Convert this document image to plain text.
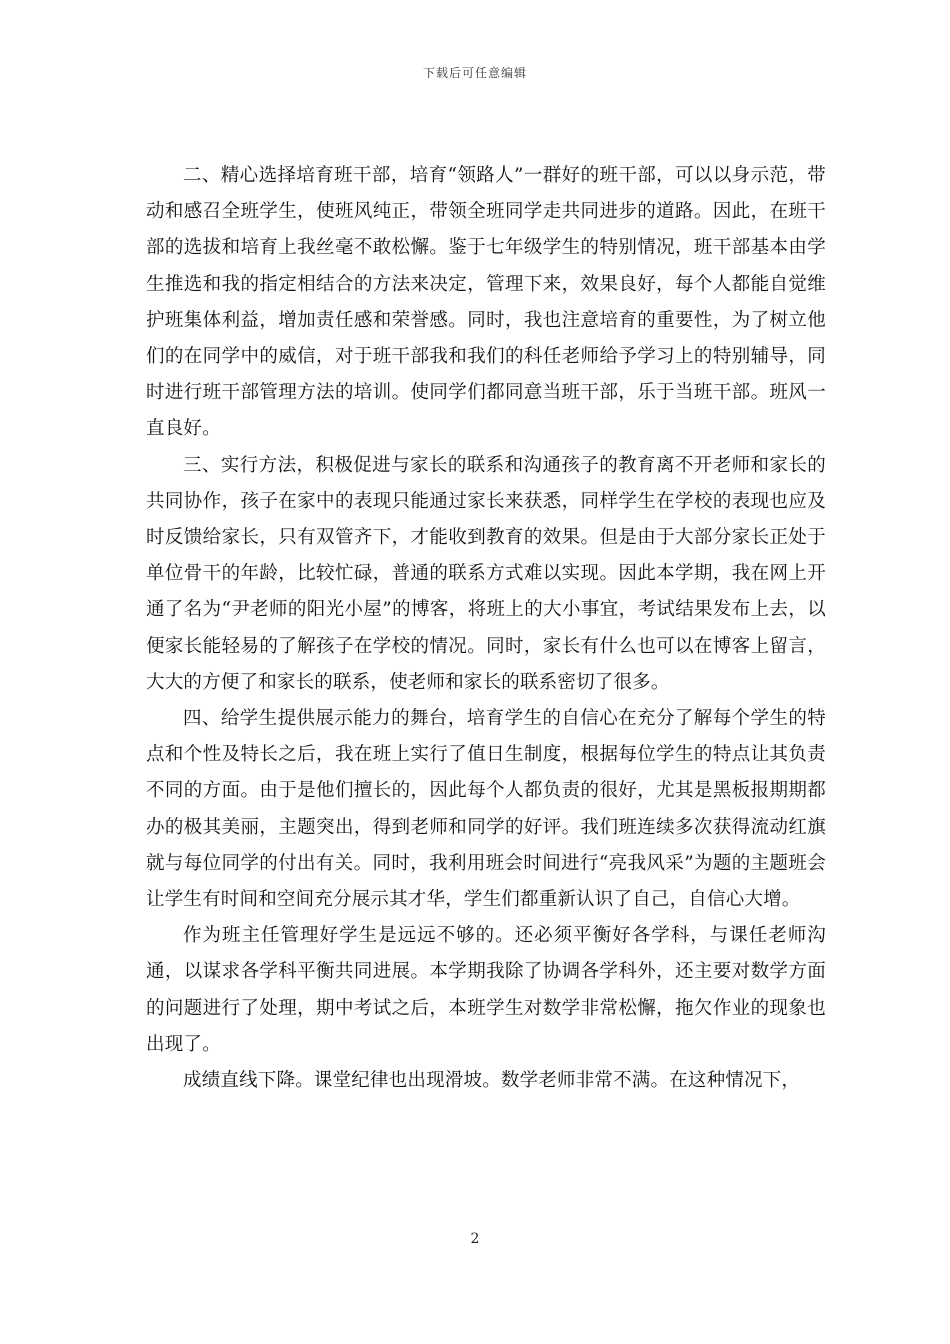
下载后可任意编辑

二、精心选择培育班干部，培育“领路人”一群好的班干部，可以以身示范，带动和感召全班学生，使班风纯正，带领全班同学走共同进步的道路。因此，在班干部的选拔和培育上我丝毫不敢松懈。鉴于七年级学生的特别情况，班干部基本由学生推选和我的指定相结合的方法来决定，管理下来，效果良好，每个人都能自觉维护班集体利益，增加责任感和荣誉感。同时，我也注意培育的重要性，为了树立他们的在同学中的威信，对于班干部我和我们的科任老师给予学习上的特别辅导，同时进行班干部管理方法的培训。使同学们都同意当班干部，乐于当班干部。班风一直良好。

三、实行方法，积极促进与家长的联系和沟通孩子的教育离不开老师和家长的共同协作，孩子在家中的表现只能通过家长来获悉，同样学生在学校的表现也应及时反馈给家长，只有双管齐下，才能收到教育的效果。但是由于大部分家长正处于单位骨干的年龄，比较忙碌，普通的联系方式难以实现。因此本学期，我在网上开通了名为“尹老师的阳光小屋”的博客，将班上的大小事宜，考试结果发布上去，以便家长能轻易的了解孩子在学校的情况。同时，家长有什么也可以在博客上留言，大大的方便了和家长的联系，使老师和家长的联系密切了很多。

四、给学生提供展示能力的舞台，培育学生的自信心在充分了解每个学生的特点和个性及特长之后，我在班上实行了值日生制度，根据每位学生的特点让其负责不同的方面。由于是他们擅长的，因此每个人都负责的很好，尤其是黑板报期期都办的极其美丽，主题突出，得到老师和同学的好评。我们班连续多次获得流动红旗就与每位同学的付出有关。同时，我利用班会时间进行“亮我风采”为题的主题班会让学生有时间和空间充分展示其才华，学生们都重新认识了自己，自信心大增。

作为班主任管理好学生是远远不够的。还必须平衡好各学科，与课任老师沟通，以谋求各学科平衡共同进展。本学期我除了协调各学科外，还主要对数学方面的问题进行了处理，期中考试之后，本班学生对数学非常松懈，拖欠作业的现象也出现了。

成绩直线下降。课堂纪律也出现滑坡。数学老师非常不满。在这种情况下，

2
